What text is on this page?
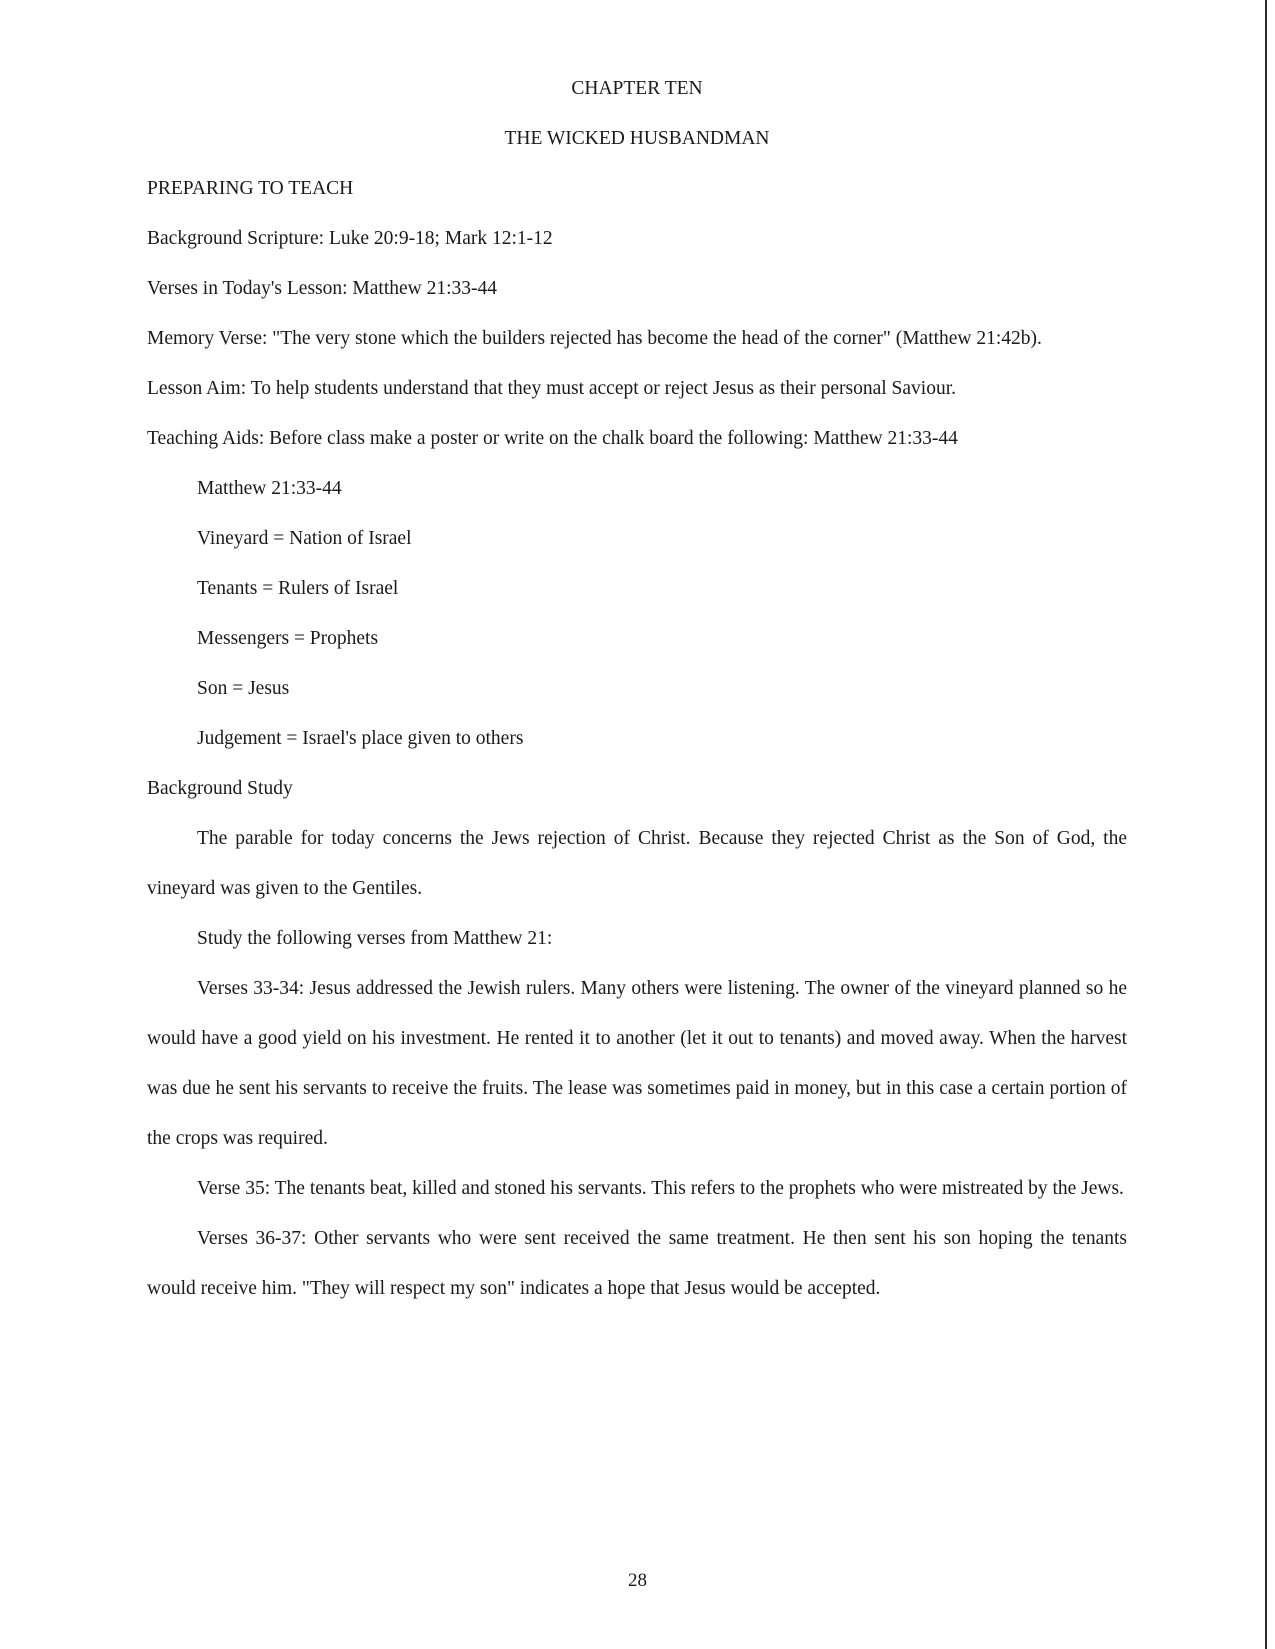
CHAPTER TEN

THE WICKED HUSBANDMAN

PREPARING TO TEACH

Background Scripture: Luke 20:9-18; Mark 12:1-12

Verses in Today's Lesson: Matthew 21:33-44

Memory Verse: "The very stone which the builders rejected has become the head of the corner" (Matthew 21:42b).

Lesson Aim: To help students understand that they must accept or reject Jesus as their personal Saviour.

Teaching Aids: Before class make a poster or write on the chalk board the following: Matthew 21:33-44

Matthew 21:33-44

Vineyard = Nation of Israel

Tenants = Rulers of Israel

Messengers = Prophets

Son = Jesus

Judgement = Israel's place given to others

Background Study

The parable for today concerns the Jews rejection of Christ. Because they rejected Christ as the Son of God, the vineyard was given to the Gentiles.

Study the following verses from Matthew 21:

Verses 33-34: Jesus addressed the Jewish rulers. Many others were listening. The owner of the vineyard planned so he would have a good yield on his investment. He rented it to another (let it out to tenants) and moved away. When the harvest was due he sent his servants to receive the fruits. The lease was sometimes paid in money, but in this case a certain portion of the crops was required.

Verse 35: The tenants beat, killed and stoned his servants. This refers to the prophets who were mistreated by the Jews.

Verses 36-37: Other servants who were sent received the same treatment. He then sent his son hoping the tenants would receive him. "They will respect my son" indicates a hope that Jesus would be accepted.

28
